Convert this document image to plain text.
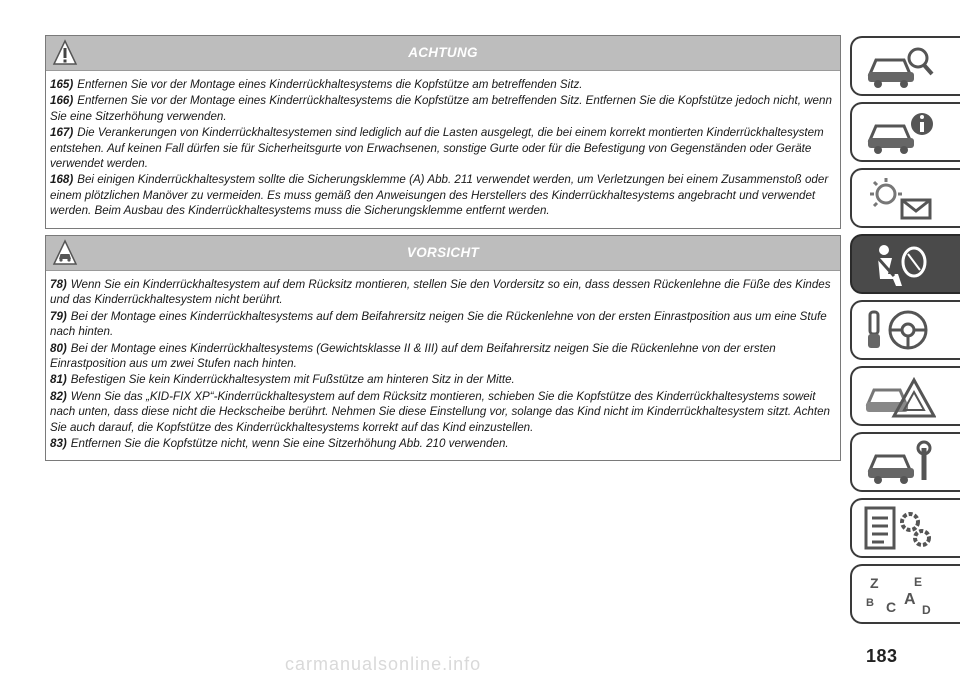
ACHTUNG

165) Entfernen Sie vor der Montage eines Kinderrückhaltesystems die Kopfstütze am betreffenden Sitz.

166) Entfernen Sie vor der Montage eines Kinderrückhaltesystems die Kopfstütze am betreffenden Sitz. Entfernen Sie die Kopfstütze jedoch nicht, wenn Sie eine Sitzerhöhung verwenden.

167) Die Verankerungen von Kinderrückhaltesystemen sind lediglich auf die Lasten ausgelegt, die bei einem korrekt montierten Kinderrückhaltesystem entstehen. Auf keinen Fall dürfen sie für Sicherheitsgurte von Erwachsenen, sonstige Gurte oder für die Befestigung von Gegenständen oder Geräte verwendet werden.

168) Bei einigen Kinderrückhaltesystem sollte die Sicherungsklemme (A) Abb. 211 verwendet werden, um Verletzungen bei einem Zusammenstoß oder einem plötzlichen Manöver zu vermeiden. Es muss gemäß den Anweisungen des Herstellers des Kinderrückhaltesystems angebracht und verwendet werden. Beim Ausbau des Kinderrückhaltesystems muss die Sicherungsklemme entfernt werden.

VORSICHT

78) Wenn Sie ein Kinderrückhaltesystem auf dem Rücksitz montieren, stellen Sie den Vordersitz so ein, dass dessen Rückenlehne die Füße des Kindes und das Kinderrückhaltesystem nicht berührt.

79) Bei der Montage eines Kinderrückhaltesystems auf dem Beifahrersitz neigen Sie die Rückenlehne von der ersten Einrastposition aus um eine Stufe nach hinten.

80) Bei der Montage eines Kinderrückhaltesystems (Gewichtsklasse II & III) auf dem Beifahrersitz neigen Sie die Rückenlehne von der ersten Einrastposition aus um zwei Stufen nach hinten.

81) Befestigen Sie kein Kinderrückhaltesystem mit Fußstütze am hinteren Sitz in der Mitte.

82) Wenn Sie das „KID-FIX XP“-Kinderrückhaltesystem auf dem Rücksitz montieren, schieben Sie die Kopfstütze des Kinderrückhaltesystems soweit nach unten, dass diese nicht die Heckscheibe berührt. Nehmen Sie diese Einstellung vor, solange das Kind nicht im Kinderrückhaltesystem sitzt. Achten Sie auch darauf, die Kopfstütze des Kinderrückhaltesystems korrekt auf das Kind einzustellen.

83) Entfernen Sie die Kopfstütze nicht, wenn Sie eine Sitzerhöhung Abb. 210 verwenden.

Z	E
B A
C D
183
carmanualsonline.info
